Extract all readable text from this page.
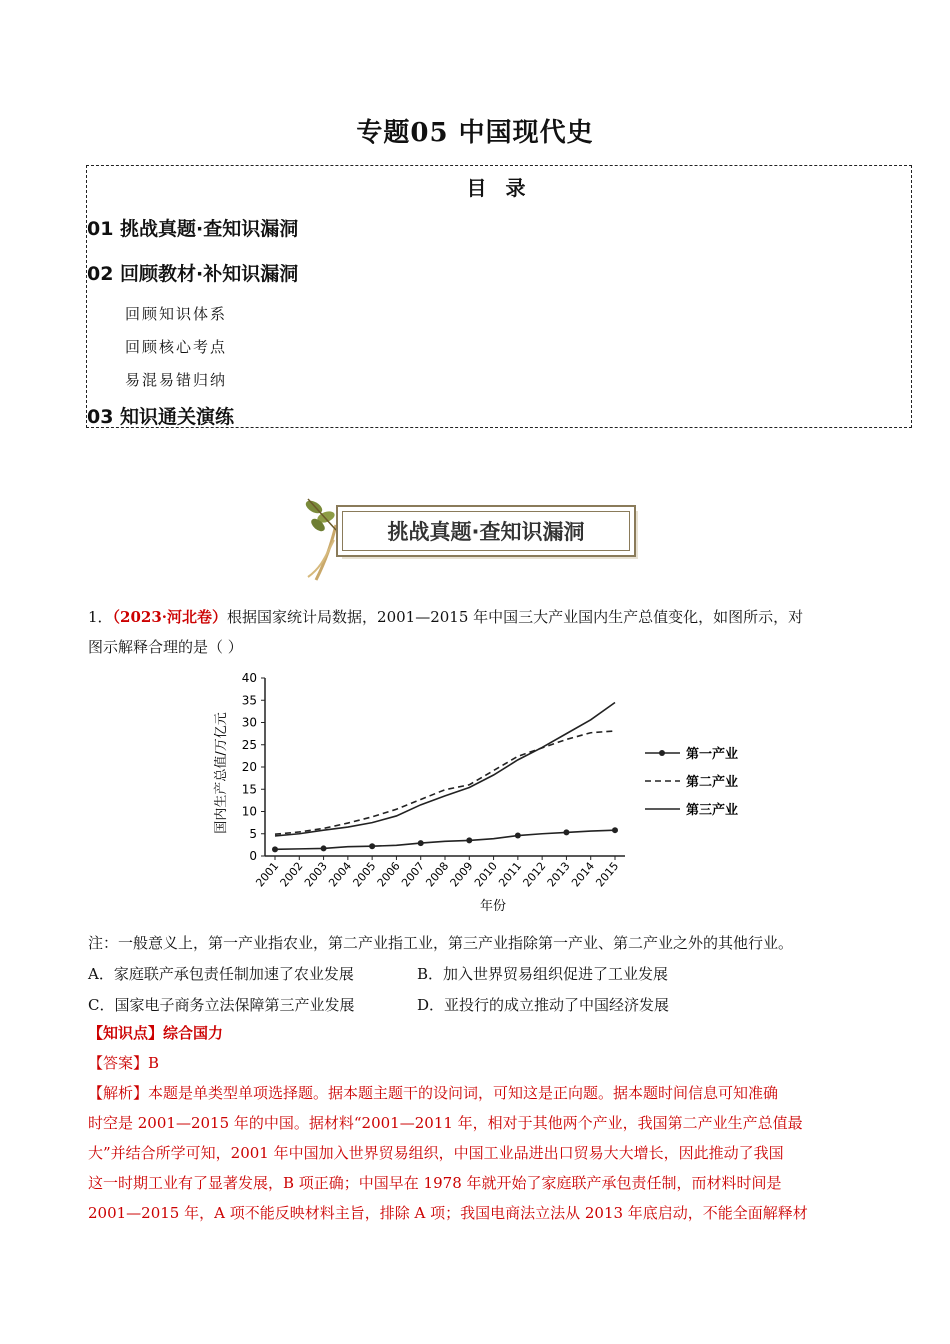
专题05 中国现代史
目 录
01 挑战真题·查知识漏洞
02 回顾教材·补知识漏洞
回顾知识体系
回顾核心考点
易混易错归纳
03 知识通关演练
挑战真题·查知识漏洞
1．（2023·河北卷）根据国家统计局数据，2001—2015 年中国三大产业国内生产总值变化，如图所示，对
图示解释合理的是（ ）
0
5
10
15
20
25
30
35
40
2001
2002
2003
2004
2005
2006
2007
2008
2009
2010
2011
2012
2013
2014
2015
第一产业
第二产业
第三产业
国内生产总值/万亿元
年份
注：一般意义上，第一产业指农业，第二产业指工业，第三产业指除第一产业、第二产业之外的其他行业。
A．家庭联产承包责任制加速了农业发展	B．加入世界贸易组织促进了工业发展
C．国家电子商务立法保障第三产业发展	D．亚投行的成立推动了中国经济发展
【知识点】综合国力
【答案】B
【解析】本题是单类型单项选择题。据本题主题干的设问词，可知这是正向题。据本题时间信息可知准确
时空是 2001—2015 年的中国。据材料“2001—2011 年，相对于其他两个产业，我国第二产业生产总值最
大”并结合所学可知，2001 年中国加入世界贸易组织，中国工业品进出口贸易大大增长，因此推动了我国
这一时期工业有了显著发展，B 项正确；中国早在 1978 年就开始了家庭联产承包责任制，而材料时间是
2001—2015 年，A 项不能反映材料主旨，排除 A 项；我国电商法立法从 2013 年底启动，不能全面解释材
